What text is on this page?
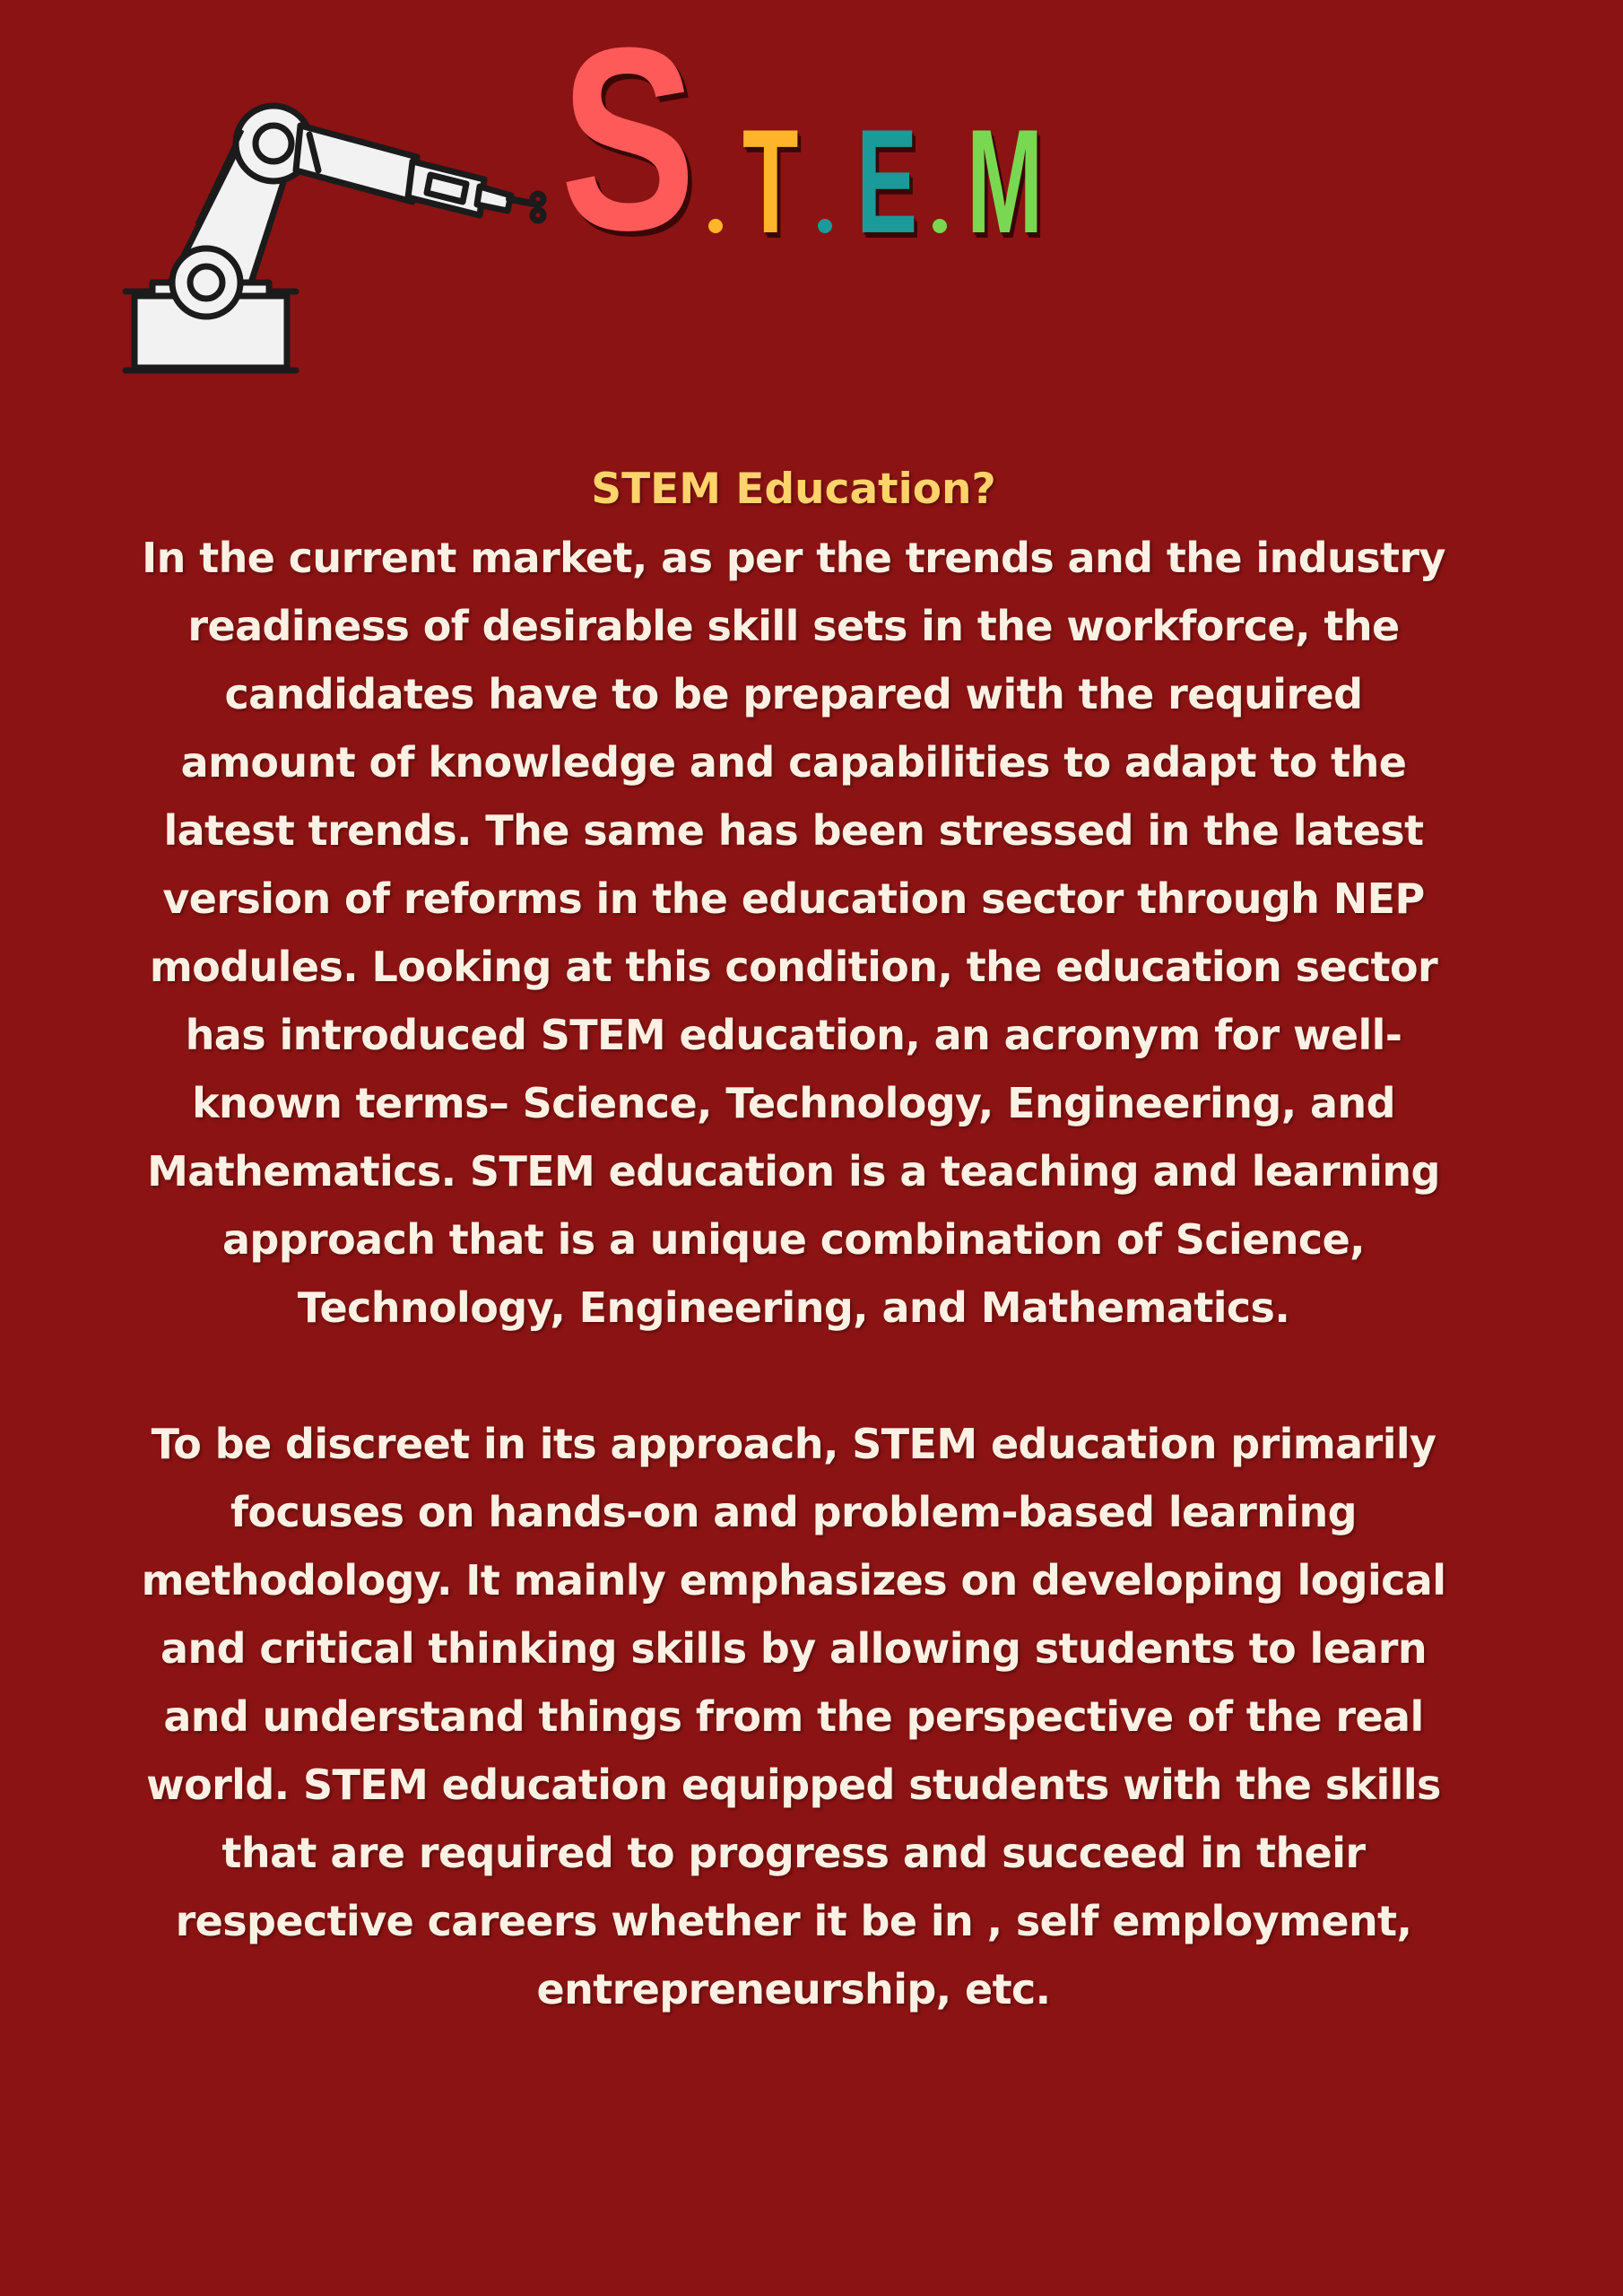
S T E M
STEM Education?

In the current market, as per the trends and the industry readiness of desirable skill sets in the workforce, the candidates have to be prepared with the required amount of knowledge and capabilities to adapt to the latest trends. The same has been stressed in the latest version of reforms in the education sector through NEP modules. Looking at this condition, the education sector has introduced STEM education, an acronym for well-known terms– Science, Technology, Engineering, and Mathematics. STEM education is a teaching and learning approach that is a unique combination of Science, Technology, Engineering, and Mathematics.

To be discreet in its approach, STEM education primarily focuses on hands-on and problem-based learning methodology. It mainly emphasizes on developing logical and critical thinking skills by allowing students to learn and understand things from the perspective of the real world. STEM education equipped students with the skills that are required to progress and succeed in their respective careers whether it be in , self employment, entrepreneurship, etc.
